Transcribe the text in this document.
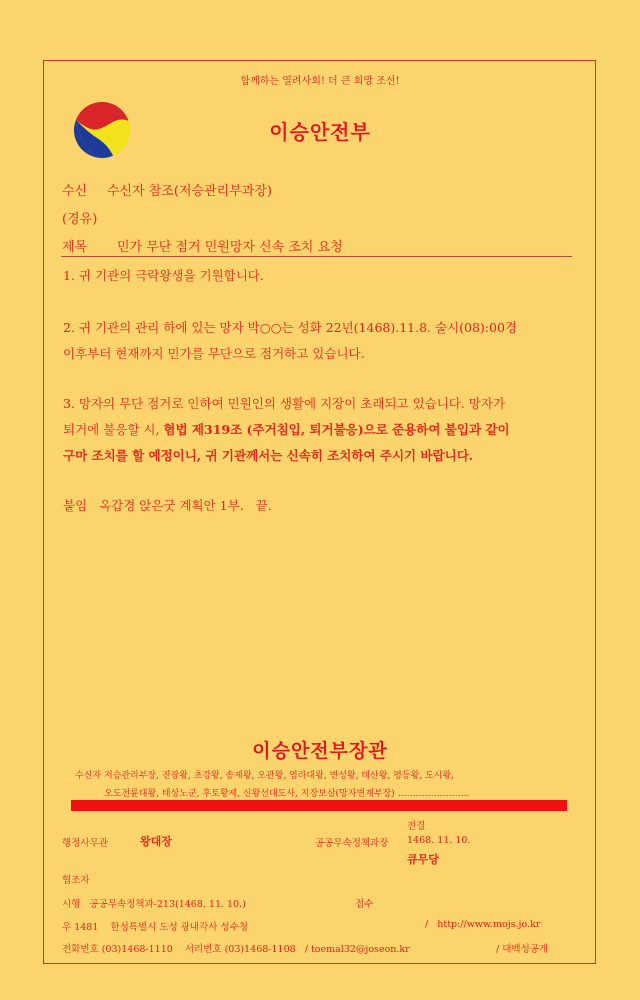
함께하는 열려사회! 더 큰 희망 조선!
이승안전부
수신 수신자 참조(저승관리부과장)
(경유)
제목 민가 무단 점거 민원망자 신속 조치 요청
1. 귀 기관의 극락왕생을 기원합니다.
2. 귀 기관의 관리 하에 있는 망자 박○○는 성화 22년(1468).11.8. 술시(08):00경
이후부터 현재까지 민가를 무단으로 점거하고 있습니다.
3. 망자의 무단 점거로 인하여 민원인의 생활에 지장이 초래되고 있습니다. 망자가
퇴거에 불응할 시, 혐법 제319조 (주거침입, 퇴거불응)으로 준용하여 불입과 같이
구마 조치를 할 예정이니, 귀 기관께서는 신속히 조치하여 주시기 바랍니다.
붙임   옥갑경 앉은굿 계획안 1부.   끝.
이승안전부장관
수신자 저승관리부장, 진광왕, 초강왕, 송제왕, 오관왕, 염라대왕, 변성왕, 태산왕, 평등왕, 도시왕,
오도전륜대왕, 태상노군, 후토황제, 신왕선대도사, 지장보살(망자변재부장) ……………………
전결
행정사무관	왕대장	공공무속정책과장 1468. 11. 10.
큐무당
협조자
시행   공공무속정책과-213(1468. 11. 10.)	접수
우 1481    한성특별시 도성 광내각사 성수청	/   http://www.mojs.jo.kr
전화번호 (03)1468-1110    서리번호 (03)1468-1108   / toemal32@joseon.kr	/ 대백성공개
